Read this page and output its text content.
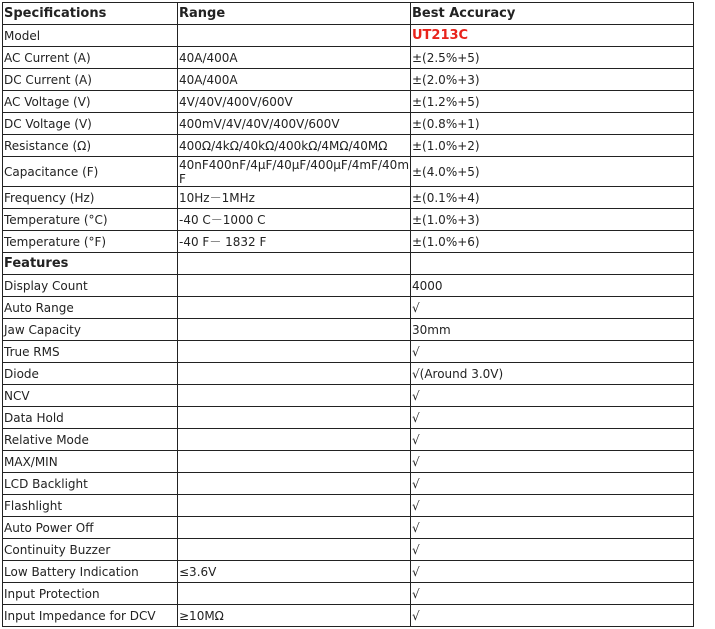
Specifications	Range	Best Accuracy
Model		UT213C
AC Current (A)	40A/400A	±(2.5%+5)
DC Current (A)	40A/400A	±(2.0%+3)
AC Voltage (V)	4V/40V/400V/600V	±(1.2%+5)
DC Voltage (V)	400mV/4V/40V/400V/600V	±(0.8%+1)
Resistance (Ω)	400Ω/4kΩ/40kΩ/400kΩ/4MΩ/40MΩ	±(1.0%+2)
Capacitance (F)	40nF400nF/4μF/40μF/400μF/4mF/40mF	±(4.0%+5)
Frequency (Hz)	10Hz－1MHz	±(0.1%+4)
Temperature (°C)	-40 C－1000 C	±(1.0%+3)
Temperature (°F)	-40 F－ 1832 F	±(1.0%+6)
Features		
Display Count		4000
Auto Range		√
Jaw Capacity		30mm
True RMS		√
Diode		√(Around 3.0V)
NCV		√
Data Hold		√
Relative Mode		√
MAX/MIN		√
LCD Backlight		√
Flashlight		√
Auto Power Off		√
Continuity Buzzer		√
Low Battery Indication	≤3.6V	√
Input Protection		√
Input Impedance for DCV	≥10MΩ	√
